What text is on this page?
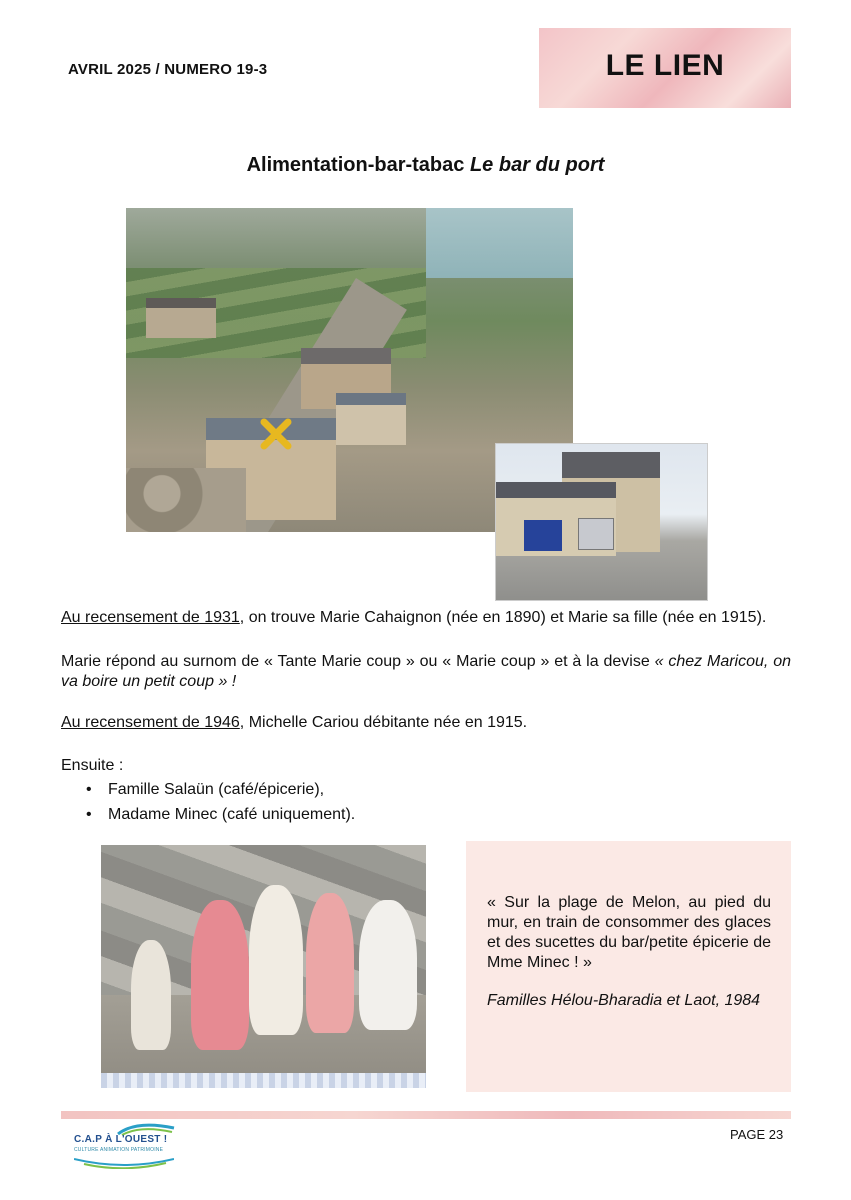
AVRIL 2025 / NUMERO 19-3	LE LIEN
Alimentation-bar-tabac Le bar du port
Au recensement de 1931, on trouve Marie Cahaignon (née en 1890) et Marie sa fille (née en 1915).
Marie répond au surnom de « Tante Marie coup » ou « Marie coup » et à la devise « chez Maricou, on va boire un petit coup » !
Au recensement de 1946, Michelle Cariou débitante née en 1915.
Ensuite :
• Famille Salaün (café/épicerie),
• Madame Minec (café uniquement).

« Sur la plage de Melon, au pied du mur, en train de consommer des glaces et des sucettes du bar/petite épicerie de Mme Minec ! »

Familles Hélou-Bharadia et Laot, 1984
C.A.P À L'OUEST !
CULTURE ANIMATION PATRIMOINE
PAGE 23
